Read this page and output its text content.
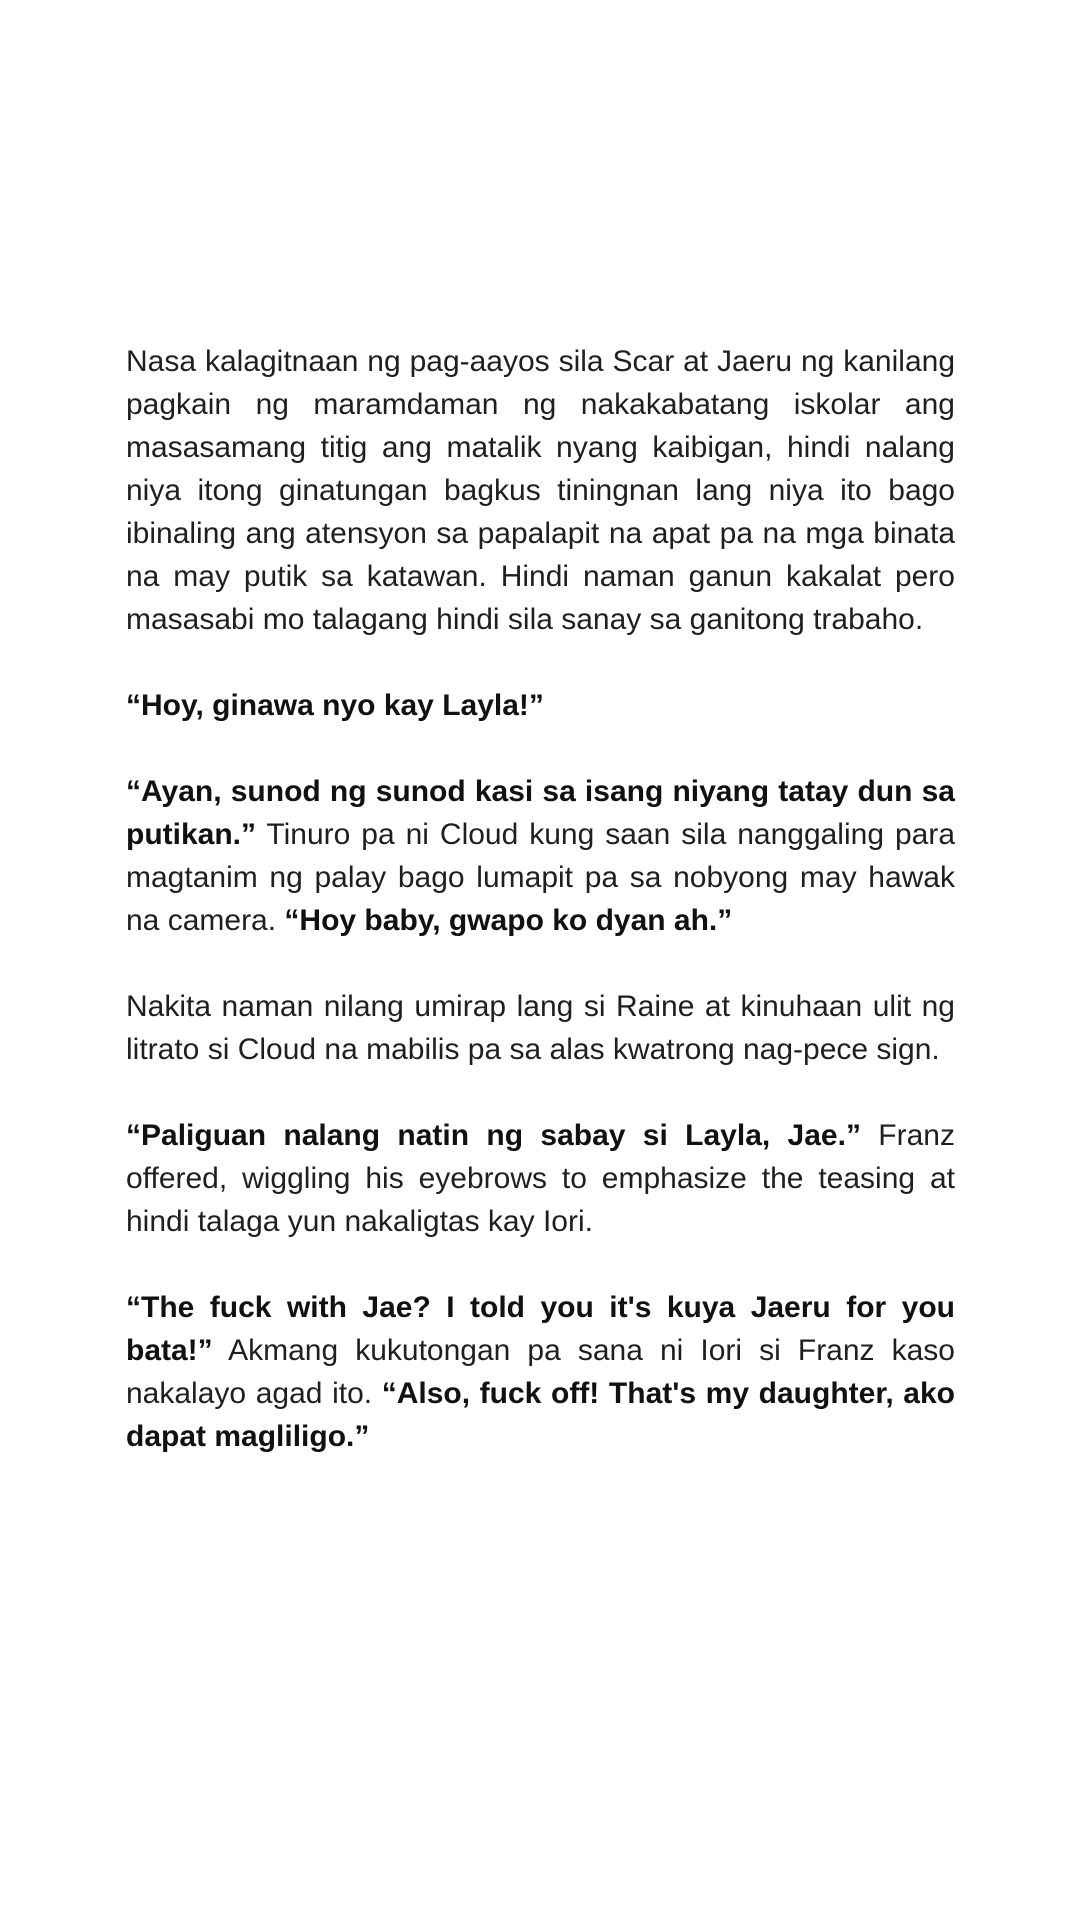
Nasa kalagitnaan ng pag-aayos sila Scar at Jaeru ng kanilang pagkain ng maramdaman ng nakakabatang iskolar ang masasamang titig ang matalik nyang kaibigan, hindi nalang niya itong ginatungan bagkus tiningnan lang niya ito bago ibinaling ang atensyon sa papalapit na apat pa na mga binata na may putik sa katawan. Hindi naman ganun kakalat pero masasabi mo talagang hindi sila sanay sa ganitong trabaho.

“Hoy, ginawa nyo kay Layla!”

“Ayan, sunod ng sunod kasi sa isang niyang tatay dun sa putikan.” Tinuro pa ni Cloud kung saan sila nanggaling para magtanim ng palay bago lumapit pa sa nobyong may hawak na camera. “Hoy baby, gwapo ko dyan ah.”

Nakita naman nilang umirap lang si Raine at kinuhaan ulit ng litrato si Cloud na mabilis pa sa alas kwatrong nag-pece sign.

“Paliguan nalang natin ng sabay si Layla, Jae.” Franz offered, wiggling his eyebrows to emphasize the teasing at hindi talaga yun nakaligtas kay Iori.

“The fuck with Jae? I told you it's kuya Jaeru for you bata!” Akmang kukutongan pa sana ni Iori si Franz kaso nakalayo agad ito. “Also, fuck off! That's my daughter, ako dapat magliligo.”
